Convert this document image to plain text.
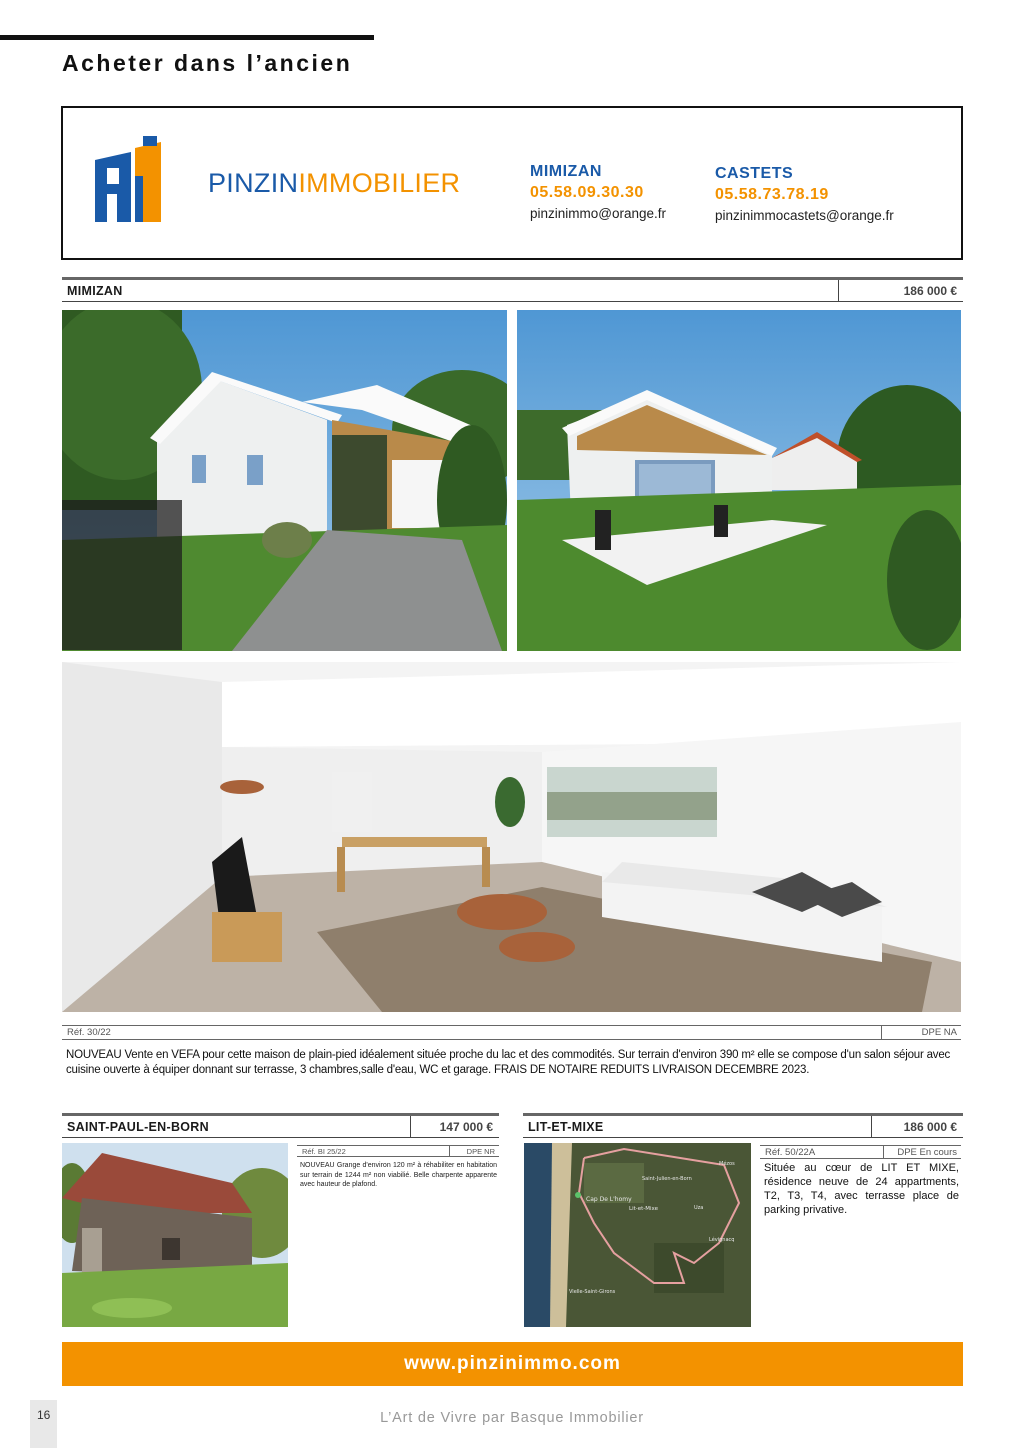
Acheter dans l’ancien
PINZINIMMOBILIER	MIMIZAN
05.58.09.30.30
pinzinimmo@orange.fr
CASTETS
05.58.73.78.19
pinzinimmocastets@orange.fr
MIMIZAN	186 000 €
Réf. 30/22	DPE NA

NOUVEAU Vente en VEFA pour cette maison de plain-pied idéalement située proche du lac et des commodités. Sur terrain d'environ 390 m² elle se compose d'un salon séjour avec cuisine ouverte à équiper donnant sur terrasse, 3 chambres,salle d'eau, WC et garage. FRAIS DE NOTAIRE REDUITS LIVRAISON DECEMBRE 2023.

SAINT-PAUL-EN-BORN	147 000 €
Réf. BI 25/22	DPE NR

NOUVEAU Grange d'environ 120 m² à réhabiliter en habitation sur terrain de 1244 m² non viabilié. Belle charpente apparente avec hauteur de plafond.

LIT-ET-MIXE	186 000 €
Cap De L'homy
Saint-Julien-en-Born
Lit-et-Mixe	Uza
Mézos
Lévignacq
Vielle-Saint-Girons
Réf. 50/22A	DPE En cours

Située au cœur de LIT ET MIXE, résidence neuve de 24 appartments, T2, T3, T4, avec terrasse place de parking privative.

www.pinzinimmo.com
16	L’Art de Vivre par Basque Immobilier
